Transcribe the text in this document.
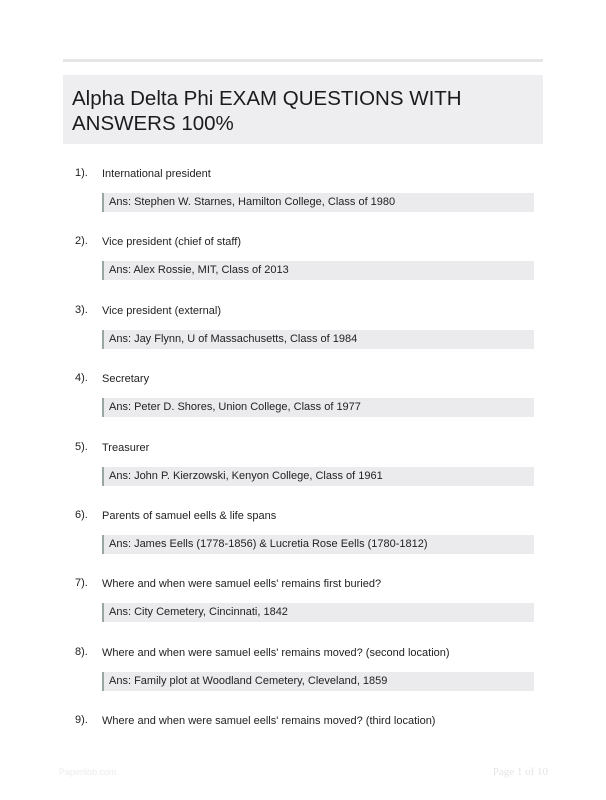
Alpha Delta Phi EXAM QUESTIONS WITH ANSWERS 100%
1). International president
Ans: Stephen W. Starnes, Hamilton College, Class of 1980
2). Vice president (chief of staff)
Ans: Alex Rossie, MIT, Class of 2013
3). Vice president (external)
Ans: Jay Flynn, U of Massachusetts, Class of 1984
4). Secretary
Ans: Peter D. Shores, Union College, Class of 1977
5). Treasurer
Ans: John P. Kierzowski, Kenyon College, Class of 1961
6). Parents of samuel eells & life spans
Ans: James Eells (1778-1856) & Lucretia Rose Eells (1780-1812)
7). Where and when were samuel eells' remains first buried?
Ans: City Cemetery, Cincinnati, 1842
8). Where and when were samuel eells' remains moved? (second location)
Ans: Family plot at Woodland Cemetery, Cleveland, 1859
9). Where and when were samuel eells' remains moved? (third location)
Paperlibb.com	Page 1 of 10
